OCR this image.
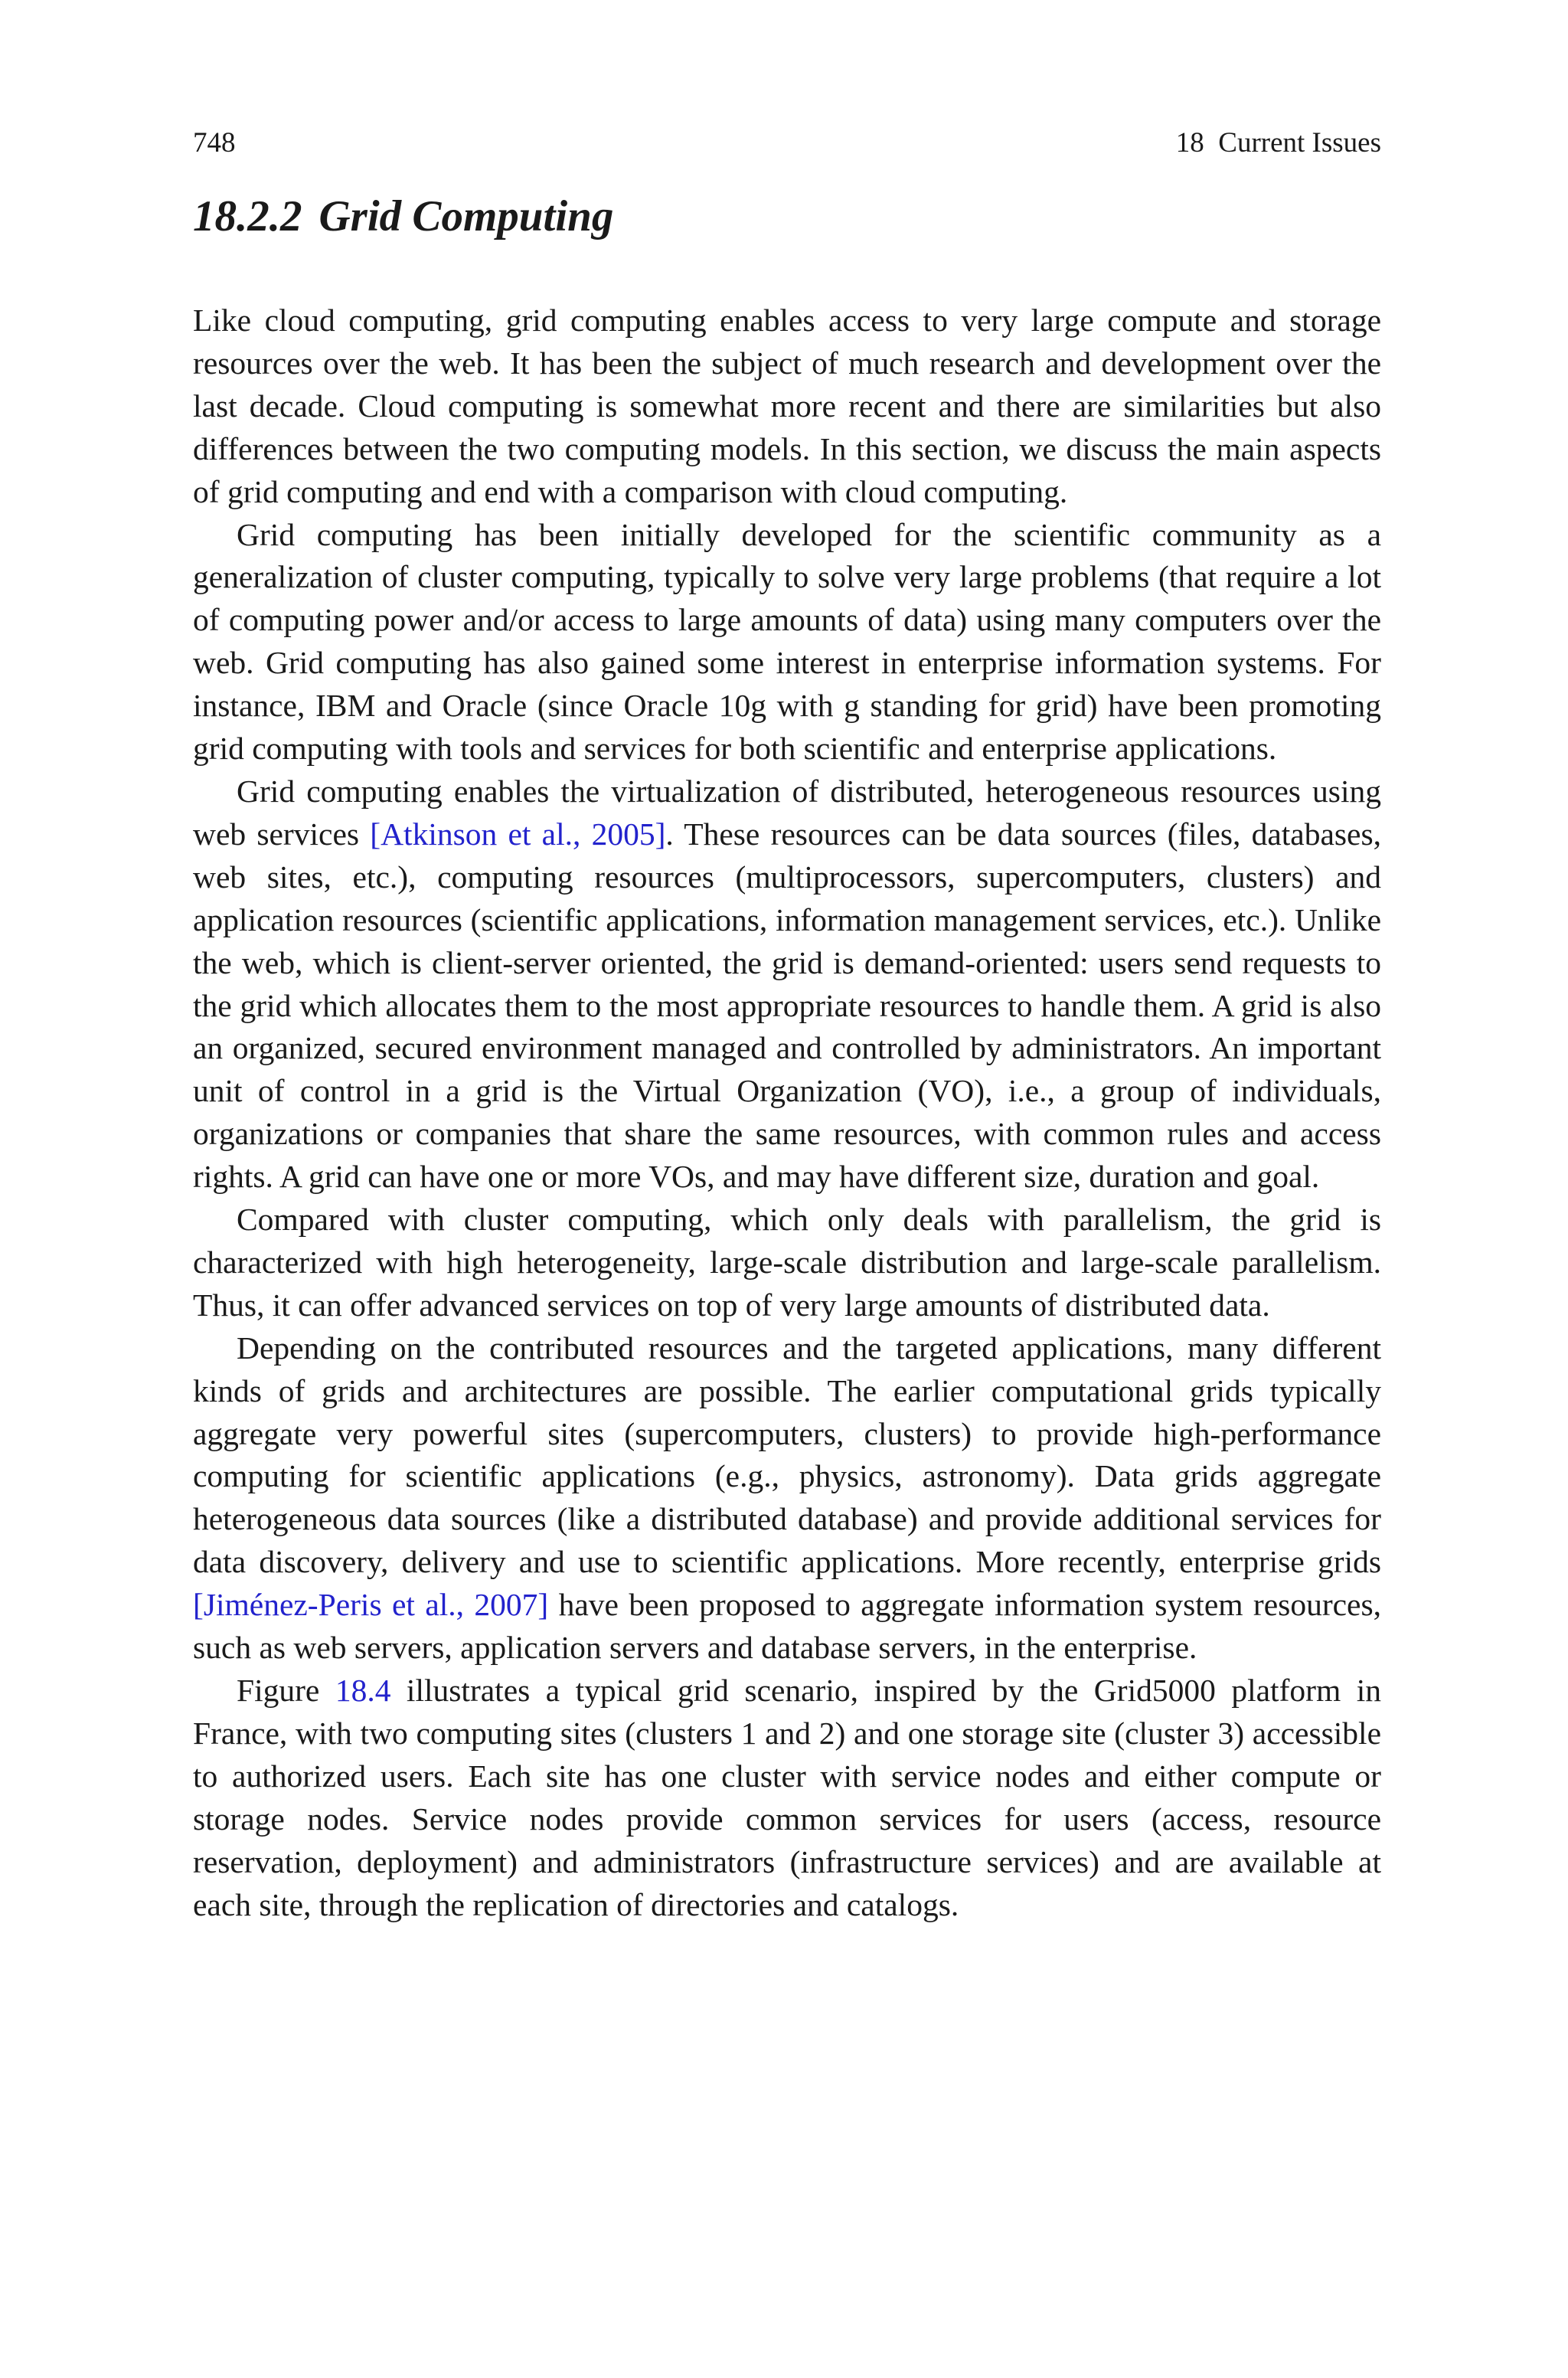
748	18  Current Issues
18.2.2 Grid Computing

Like cloud computing, grid computing enables access to very large compute and storage resources over the web. It has been the subject of much research and development over the last decade. Cloud computing is somewhat more recent and there are similarities but also differences between the two computing models. In this section, we discuss the main aspects of grid computing and end with a comparison with cloud computing.

Grid computing has been initially developed for the scientific community as a generalization of cluster computing, typically to solve very large problems (that require a lot of computing power and/or access to large amounts of data) using many computers over the web. Grid computing has also gained some interest in enterprise information systems. For instance, IBM and Oracle (since Oracle 10g with g standing for grid) have been promoting grid computing with tools and services for both scientific and enterprise applications.

Grid computing enables the virtualization of distributed, heterogeneous resources using web services [Atkinson et al., 2005]. These resources can be data sources (files, databases, web sites, etc.), computing resources (multiprocessors, supercomputers, clusters) and application resources (scientific applications, information management services, etc.). Unlike the web, which is client-server oriented, the grid is demand-oriented: users send requests to the grid which allocates them to the most appropriate resources to handle them. A grid is also an organized, secured environment managed and controlled by administrators. An important unit of control in a grid is the Virtual Organization (VO), i.e., a group of individuals, organizations or companies that share the same resources, with common rules and access rights. A grid can have one or more VOs, and may have different size, duration and goal.

Compared with cluster computing, which only deals with parallelism, the grid is characterized with high heterogeneity, large-scale distribution and large-scale parallelism. Thus, it can offer advanced services on top of very large amounts of distributed data.

Depending on the contributed resources and the targeted applications, many different kinds of grids and architectures are possible. The earlier computational grids typically aggregate very powerful sites (supercomputers, clusters) to provide high-performance computing for scientific applications (e.g., physics, astronomy). Data grids aggregate heterogeneous data sources (like a distributed database) and provide additional services for data discovery, delivery and use to scientific applications. More recently, enterprise grids [Jiménez-Peris et al., 2007] have been proposed to aggregate information system resources, such as web servers, application servers and database servers, in the enterprise.

Figure 18.4 illustrates a typical grid scenario, inspired by the Grid5000 platform in France, with two computing sites (clusters 1 and 2) and one storage site (cluster 3) accessible to authorized users. Each site has one cluster with service nodes and either compute or storage nodes. Service nodes provide common services for users (access, resource reservation, deployment) and administrators (infrastructure services) and are available at each site, through the replication of directories and catalogs.
